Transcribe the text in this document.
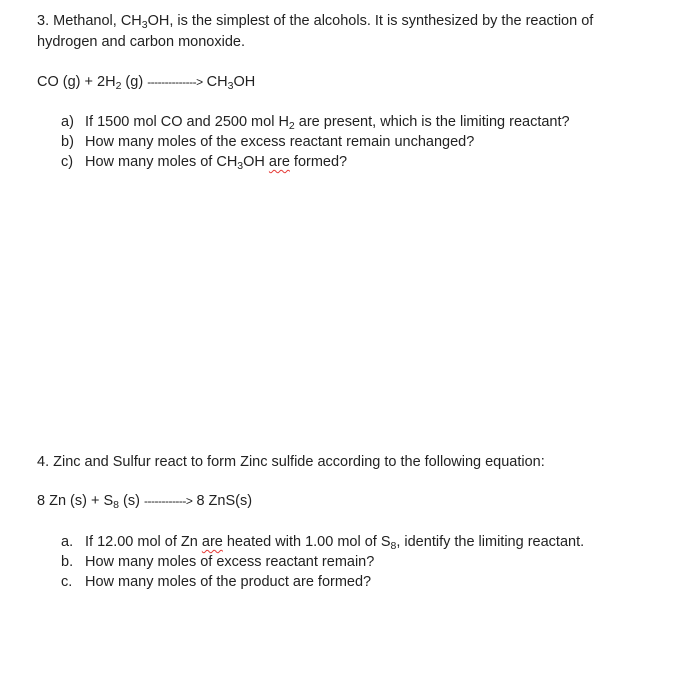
3. Methanol, $CH_3OH$, is the simplest of the alcohols. It is synthesized by the reaction of
hydrogen and carbon monoxide.
CO $(g) + 2H_2$ (g) --------------> $CH_3OH$
a) If 1500 mol CO and 2500 mol $H_2$ are present, which is the limiting reactant?
b) How many moles of the excess reactant remain unchanged?
c) How many moles of $CH_3OH$ are formed?
4. Zinc and Sulfur react to form Zinc sulfide according to the following equation:
8 Zn $(s) + S_8$ (s) ------------> 8 ZnS(s)
a. If 12.00 mol of Zn are heated with 1.00 mol of $S_8$, identify the limiting reactant.
b. How many moles of excess reactant remain?
c. How many moles of the product are formed?
